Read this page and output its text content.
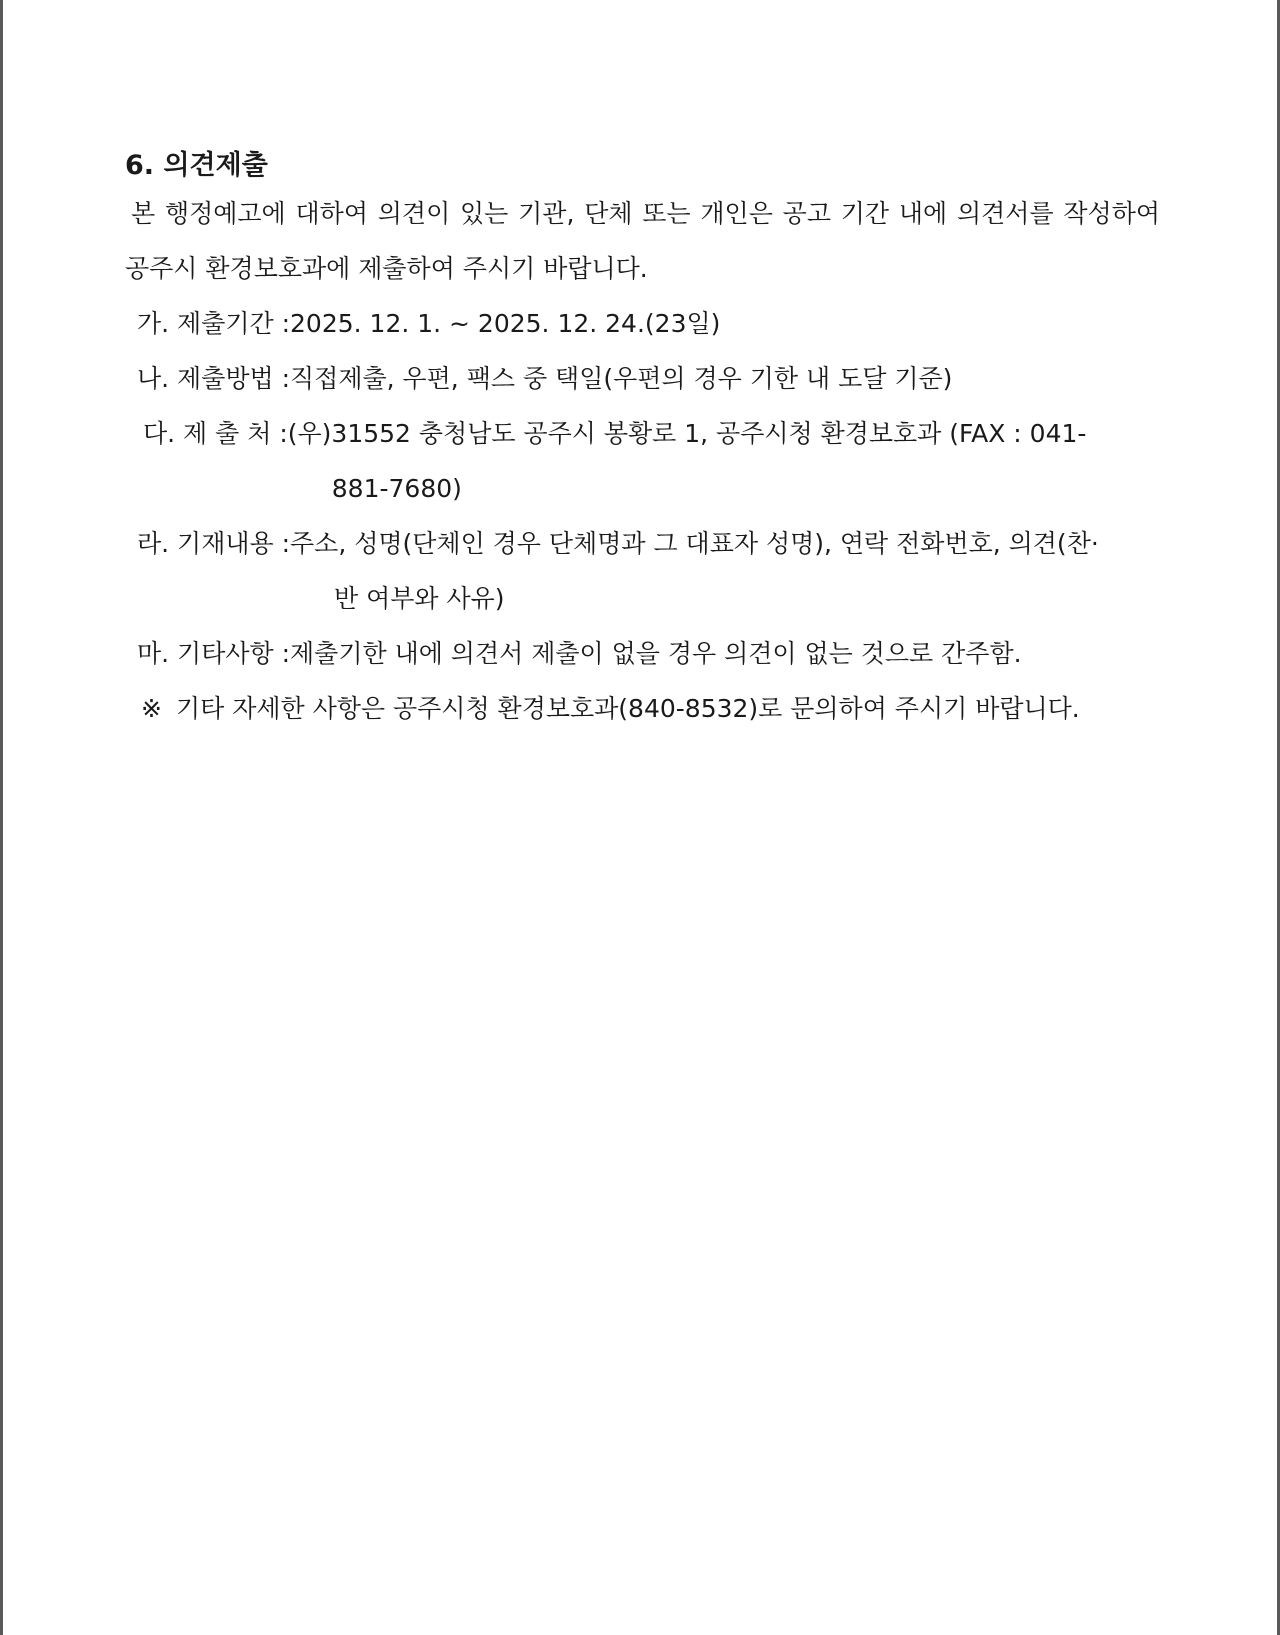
6. 의견제출

본 행정예고에 대하여 의견이 있는 기관, 단체 또는 개인은 공고 기간 내에 의견서를 작성하여 공주시 환경보호과에 제출하여 주시기 바랍니다.

가. 제출기간 : 2025. 12. 1. ~ 2025. 12. 24.(23일)
나. 제출방법 : 직접제출, 우편, 팩스 중 택일(우편의 경우 기한 내 도달 기준)
다. 제 출 처 : (우)31552 충청남도 공주시 봉황로 1, 공주시청 환경보호과 (FAX : 041-
881-7680)
라. 기재내용 : 주소, 성명(단체인 경우 단체명과 그 대표자 성명), 연락 전화번호, 의견(찬·
반 여부와 사유)
마. 기타사항 : 제출기한 내에 의견서 제출이 없을 경우 의견이 없는 것으로 간주함.
※ 기타 자세한 사항은 공주시청 환경보호과(840-8532)로 문의하여 주시기 바랍니다.
